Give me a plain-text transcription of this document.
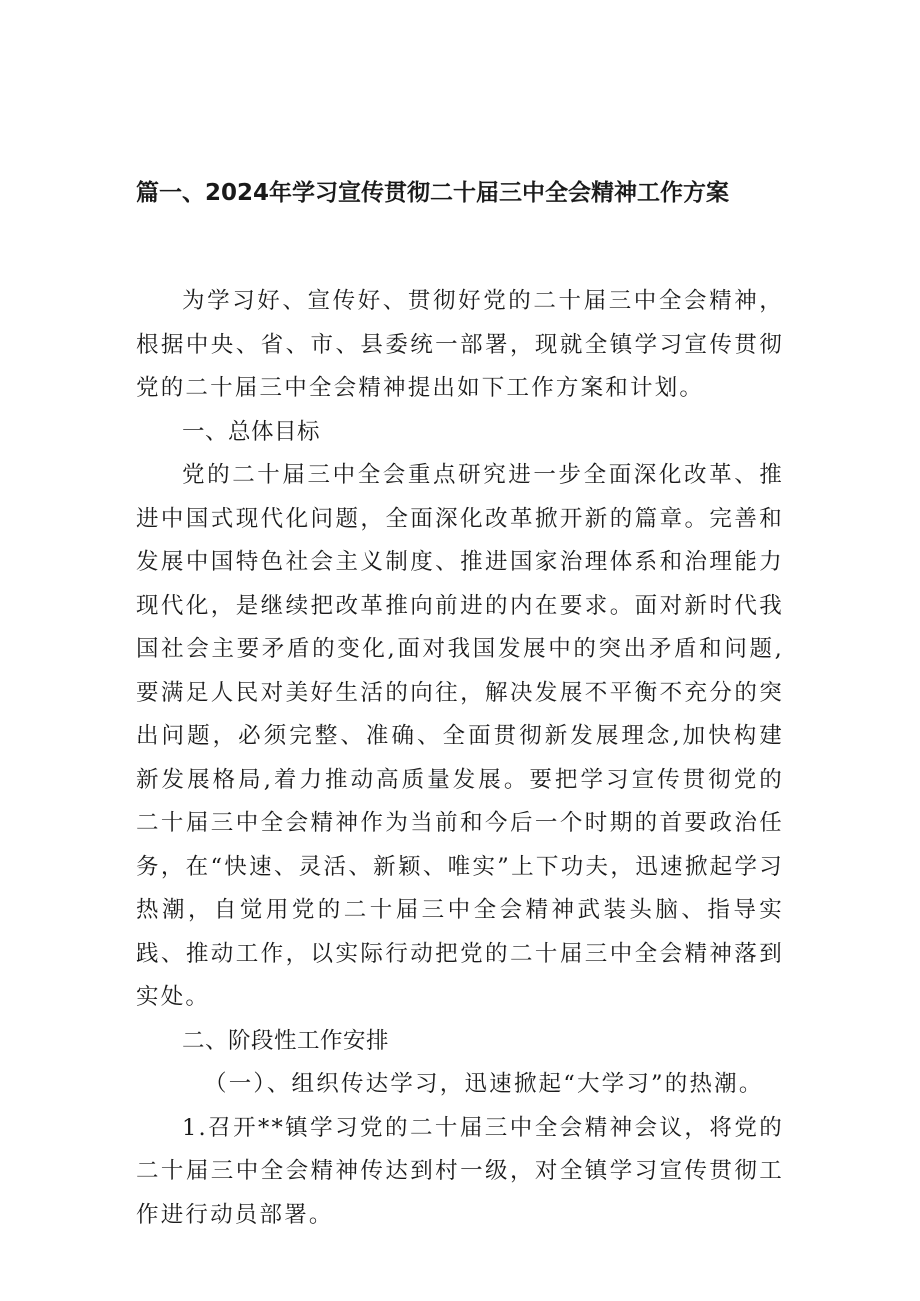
篇一、2024年学习宣传贯彻二十届三中全会精神工作方案

为学习好、宣传好、贯彻好党的二十届三中全会精神，根据中央、省、市、县委统一部署，现就全镇学习宣传贯彻党的二十届三中全会精神提出如下工作方案和计划。

一、总体目标

党的二十届三中全会重点研究进一步全面深化改革、推进中国式现代化问题，全面深化改革掀开新的篇章。完善和发展中国特色社会主义制度、推进国家治理体系和治理能力现代化，是继续把改革推向前进的内在要求。面对新时代我国社会主要矛盾的变化,面对我国发展中的突出矛盾和问题,要满足人民对美好生活的向往，解决发展不平衡不充分的突出问题，必须完整、准确、全面贯彻新发展理念,加快构建新发展格局,着力推动高质量发展。要把学习宣传贯彻党的二十届三中全会精神作为当前和今后一个时期的首要政治任务，在“快速、灵活、新颖、唯实”上下功夫，迅速掀起学习热潮，自觉用党的二十届三中全会精神武装头脑、指导实践、推动工作，以实际行动把党的二十届三中全会精神落到实处。

二、阶段性工作安排

（一）、组织传达学习，迅速掀起“大学习”的热潮。

1.召开**镇学习党的二十届三中全会精神会议，将党的二十届三中全会精神传达到村一级，对全镇学习宣传贯彻工作进行动员部署。
